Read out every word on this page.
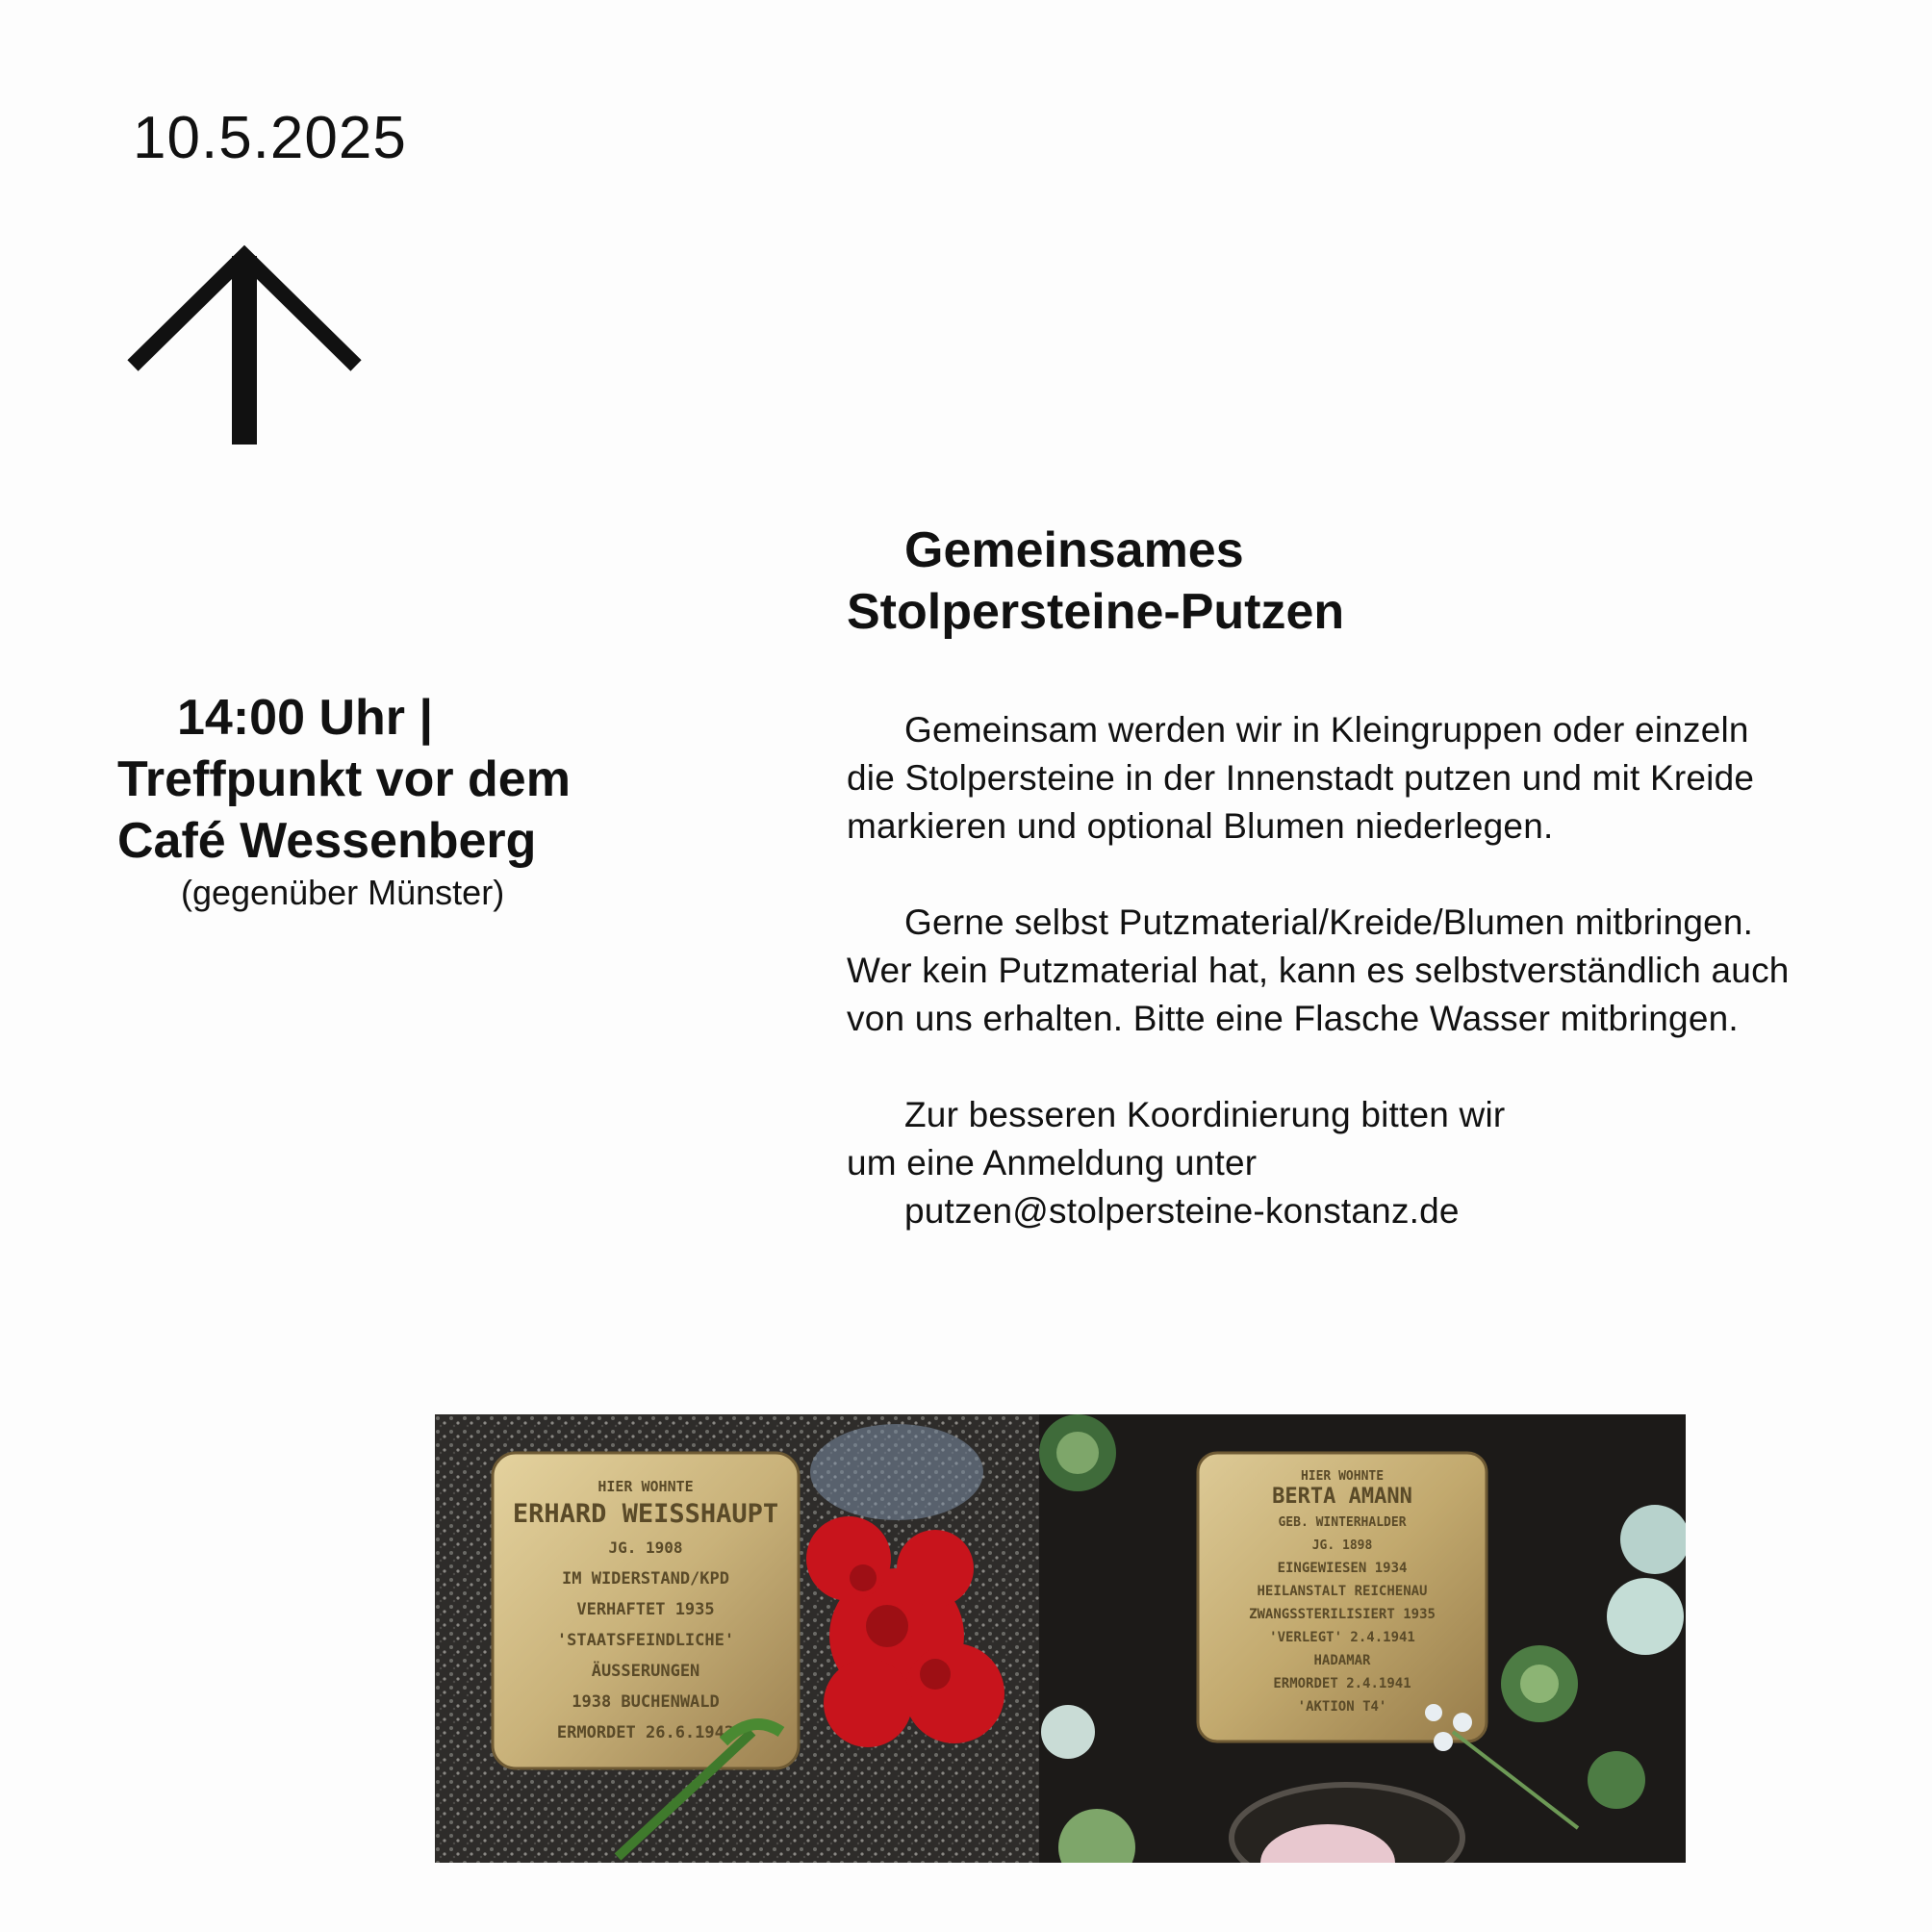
10.5.2025
14:00 Uhr |
Treffpunkt vor dem
Café Wessenberg
(gegenüber Münster)
Gemeinsames
Stolpersteine-Putzen
Gemeinsam werden wir in Kleingruppen oder einzeln
die Stolpersteine in der Innenstadt putzen und mit Kreide
markieren und optional Blumen niederlegen.
Gerne selbst Putzmaterial/Kreide/Blumen mitbringen.
Wer kein Putzmaterial hat, kann es selbstverständlich auch
von uns erhalten. Bitte eine Flasche Wasser mitbringen.
Zur besseren Koordinierung bitten wir
um eine Anmeldung unter
putzen@stolpersteine-konstanz.de
HIER WOHNTE
ERHARD WEISSHAUPT
JG. 1908
IM WIDERSTAND/KPD
VERHAFTET 1935
'STAATSFEINDLICHE'
ÄUSSERUNGEN
1938 BUCHENWALD
ERMORDET 26.6.1942
HIER WOHNTE
BERTA AMANN
GEB. WINTERHALDER
JG. 1898
EINGEWIESEN 1934
HEILANSTALT REICHENAU
ZWANGSSTERILISIERT 1935
'VERLEGT' 2.4.1941
HADAMAR
ERMORDET 2.4.1941
'AKTION T4'
